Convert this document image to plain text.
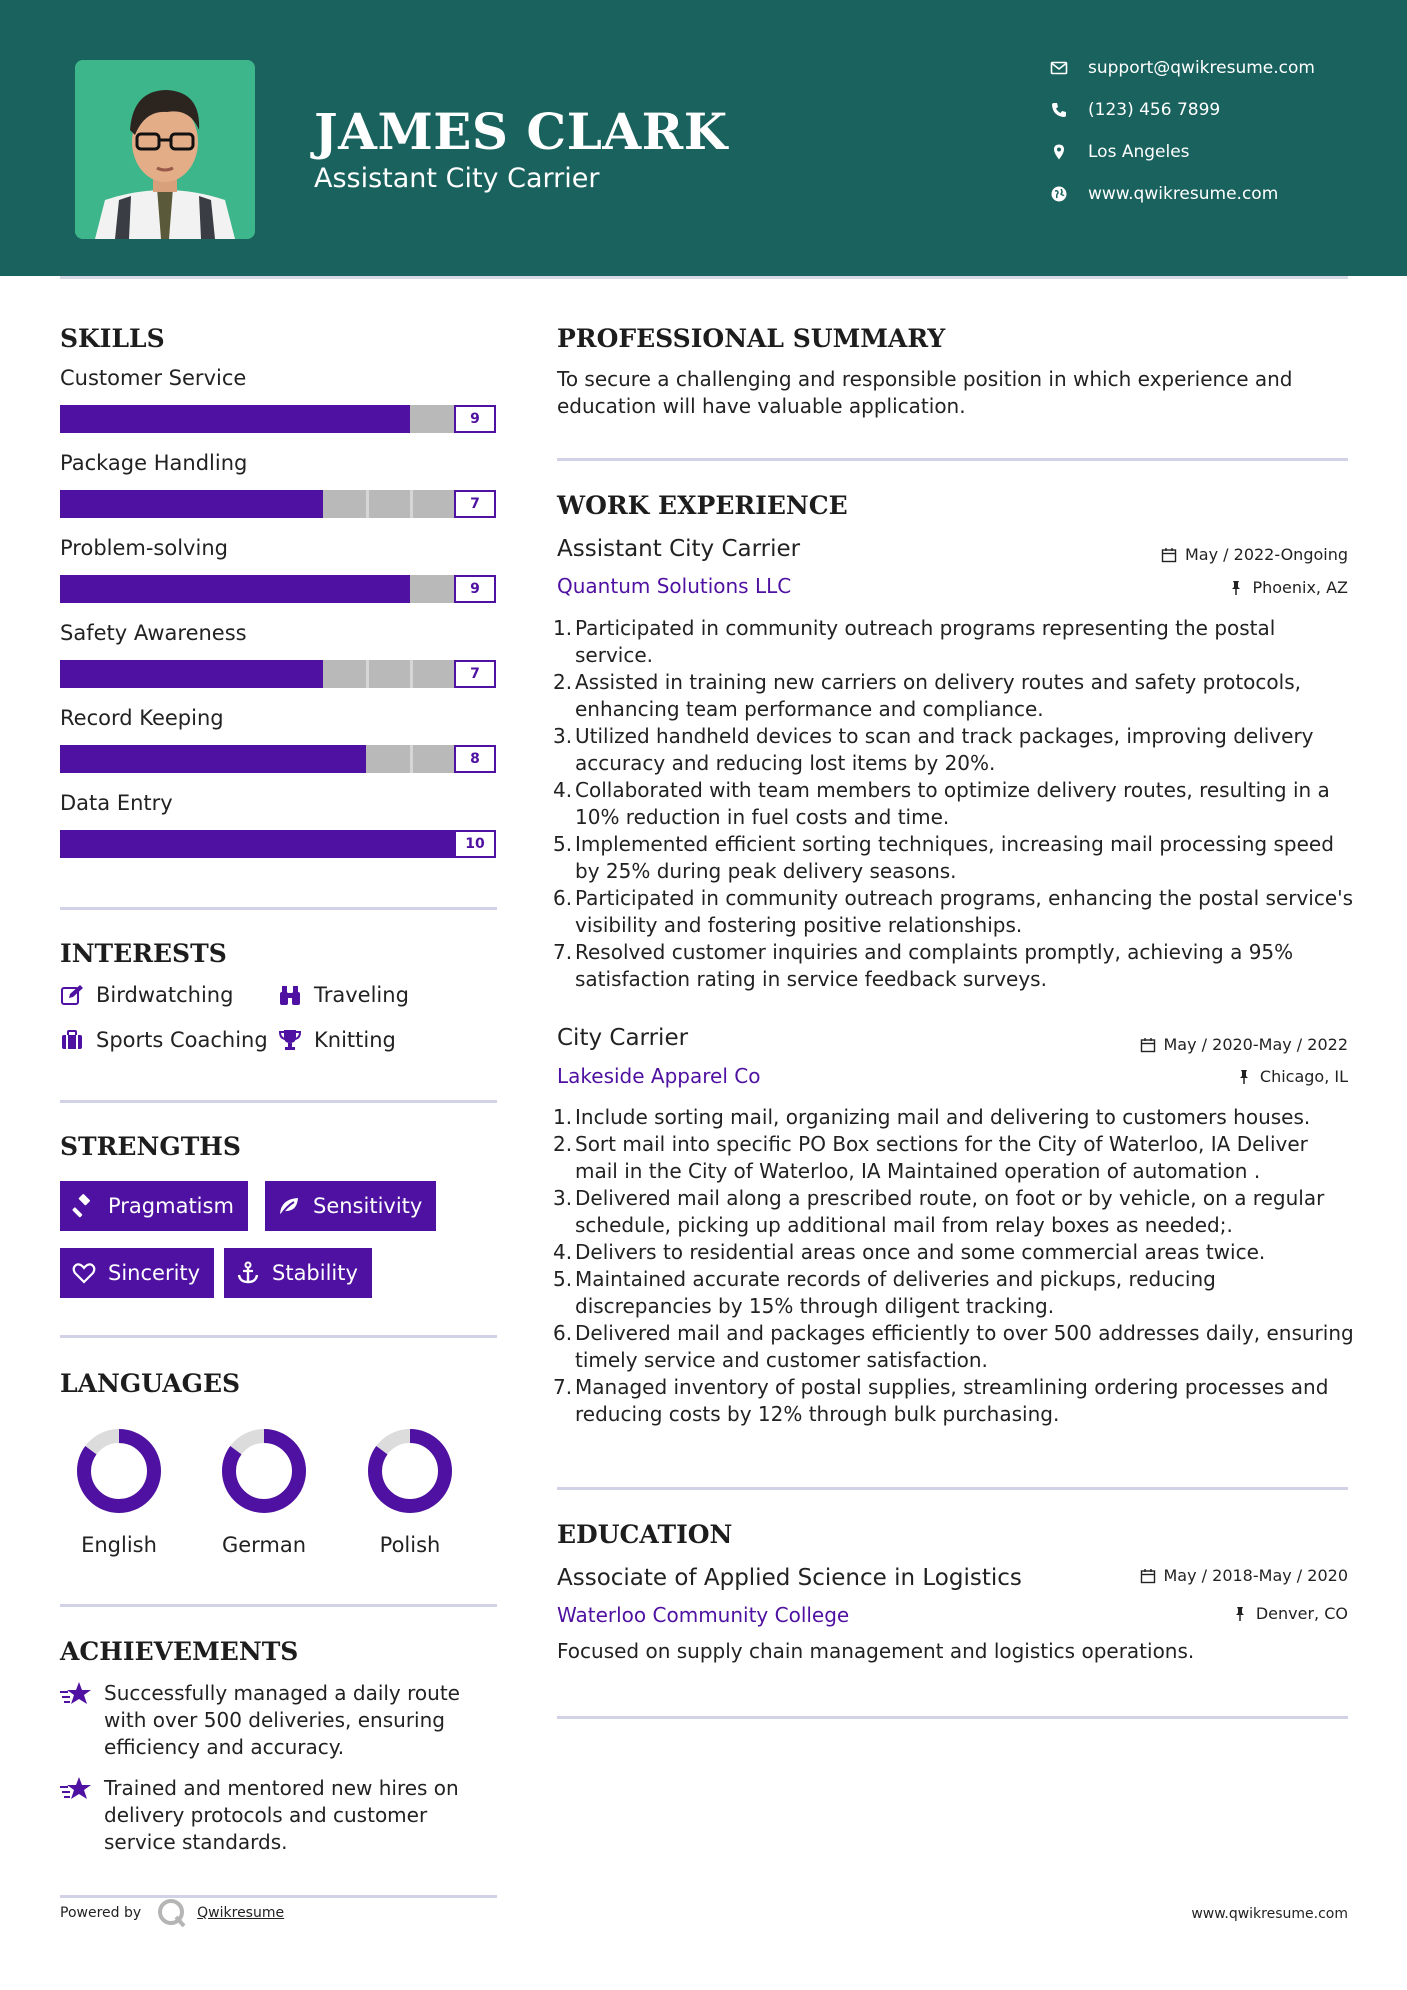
JAMES CLARK
Assistant City Carrier
support@qwikresume.com
(123) 456 7899
Los Angeles
www.qwikresume.com
SKILLS
Customer Service
9
Package Handling
7
Problem-solving
9
Safety Awareness
7
Record Keeping
8
Data Entry
10
INTERESTS
Birdwatching	Traveling
Sports Coaching Knitting
STRENGTHS
Pragmatism	Sensitivity
Sincerity	Stability
LANGUAGES
English	German	Polish
ACHIEVEMENTS
Successfully managed a daily route with over 500 deliveries, ensuring efficiency and accuracy.
Trained and mentored new hires on delivery protocols and customer service standards.
PROFESSIONAL SUMMARY
To secure a challenging and responsible position in which experience and education will have valuable application.
WORK EXPERIENCE
Assistant City Carrier	May / 2022-Ongoing
Quantum Solutions LLC	Phoenix, AZ
1. Participated in community outreach programs representing the postal service.
2. Assisted in training new carriers on delivery routes and safety protocols, enhancing team performance and compliance.
3. Utilized handheld devices to scan and track packages, improving delivery accuracy and reducing lost items by 20%.
4. Collaborated with team members to optimize delivery routes, resulting in a 10% reduction in fuel costs and time.
5. Implemented efficient sorting techniques, increasing mail processing speed by 25% during peak delivery seasons.
6. Participated in community outreach programs, enhancing the postal service's visibility and fostering positive relationships.
7. Resolved customer inquiries and complaints promptly, achieving a 95% satisfaction rating in service feedback surveys.
City Carrier	May / 2020-May / 2022
Lakeside Apparel Co	Chicago, IL
1. Include sorting mail, organizing mail and delivering to customers houses.
2. Sort mail into specific PO Box sections for the City of Waterloo, IA Deliver mail in the City of Waterloo, IA Maintained operation of automation .
3. Delivered mail along a prescribed route, on foot or by vehicle, on a regular schedule, picking up additional mail from relay boxes as needed;.
4. Delivers to residential areas once and some commercial areas twice.
5. Maintained accurate records of deliveries and pickups, reducing discrepancies by 15% through diligent tracking.
6. Delivered mail and packages efficiently to over 500 addresses daily, ensuring timely service and customer satisfaction.
7. Managed inventory of postal supplies, streamlining ordering processes and reducing costs by 12% through bulk purchasing.
EDUCATION
Associate of Applied Science in Logistics	May / 2018-May / 2020
Waterloo Community College	Denver, CO
Focused on supply chain management and logistics operations.
Powered by	Qwikresume	www.qwikresume.com
